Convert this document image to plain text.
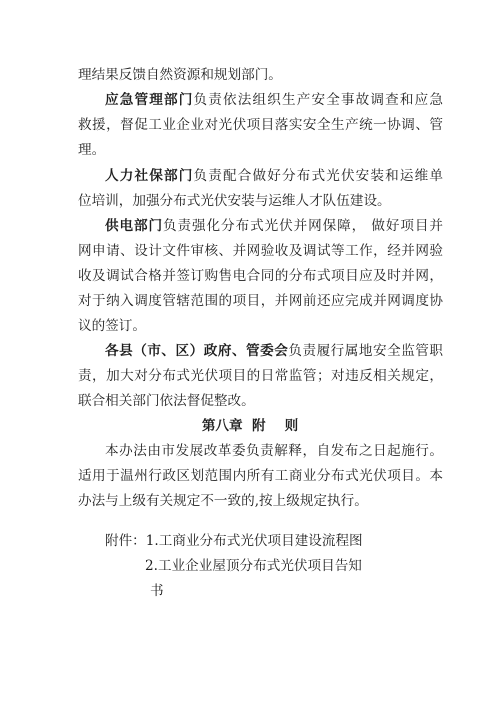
理结果反馈自然资源和规划部门。

应急管理部门负责依法组织生产安全事故调查和应急

救援，督促工业企业对光伏项目落实安全生产统一协调、管

理。

人力社保部门负责配合做好分布式光伏安装和运维单

位培训，加强分布式光伏安装与运维人才队伍建设。

供电部门负责强化分布式光伏并网保障， 做好项目并

网申请、设计文件审核、并网验收及调试等工作，经并网验

收及调试合格并签订购售电合同的分布式项目应及时并网，

对于纳入调度管辖范围的项目，并网前还应完成并网调度协

议的签订。

各县（市、区）政府、管委会负责履行属地安全监管职

责，加大对分布式光伏项目的日常监管；对违反相关规定，

联合相关部门依法督促整改。

第八章  附    则

本办法由市发展改革委负责解释，自发布之日起施行。

适用于温州行政区划范围内所有工商业分布式光伏项目。本

办法与上级有关规定不一致的,按上级规定执行。

附件：1.工商业分布式光伏项目建设流程图

2.工业企业屋顶分布式光伏项目告知

书
